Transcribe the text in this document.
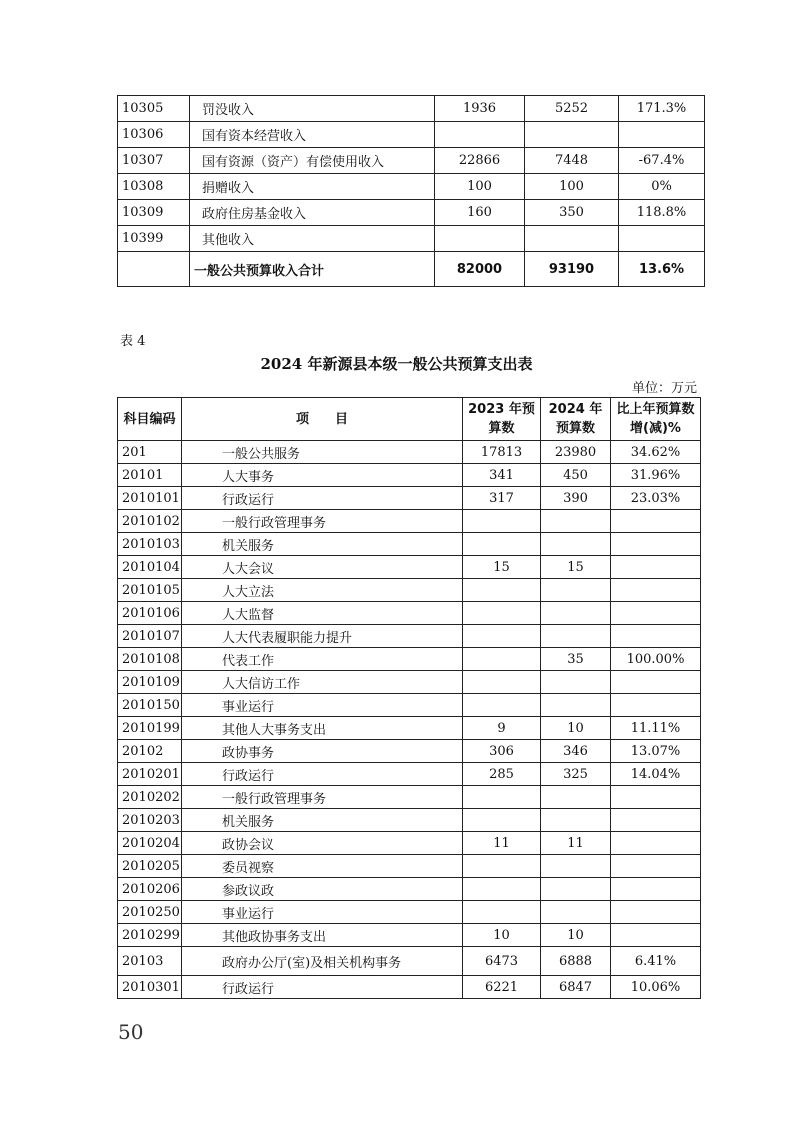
10305	罚没收入	1936	5252	171.3%
10306	国有资本经营收入			
10307	国有资源（资产）有偿使用收入	22866	7448	-67.4%
10308	捐赠收入	100	100	0%
10309	政府住房基金收入	160	350	118.8%
10399	其他收入			
	一般公共预算收入合计	82000	93190	13.6%
表 4
2024 年新源县本级一般公共预算支出表
单位：万元
科目编码	项　　目	2023 年预算数	2024 年预算数	比上年预算数增(减)%
201	一般公共服务	17813	23980	34.62%
20101	人大事务	341	450	31.96%
2010101	行政运行	317	390	23.03%
2010102	一般行政管理事务			
2010103	机关服务			
2010104	人大会议	15	15	
2010105	人大立法			
2010106	人大监督			
2010107	人大代表履职能力提升			
2010108	代表工作		35	100.00%
2010109	人大信访工作			
2010150	事业运行			
2010199	其他人大事务支出	9	10	11.11%
20102	政协事务	306	346	13.07%
2010201	行政运行	285	325	14.04%
2010202	一般行政管理事务			
2010203	机关服务			
2010204	政协会议	11	11	
2010205	委员视察			
2010206	参政议政			
2010250	事业运行			
2010299	其他政协事务支出	10	10	
20103	政府办公厅(室)及相关机构事务	6473	6888	6.41%
2010301	行政运行	6221	6847	10.06%
50
